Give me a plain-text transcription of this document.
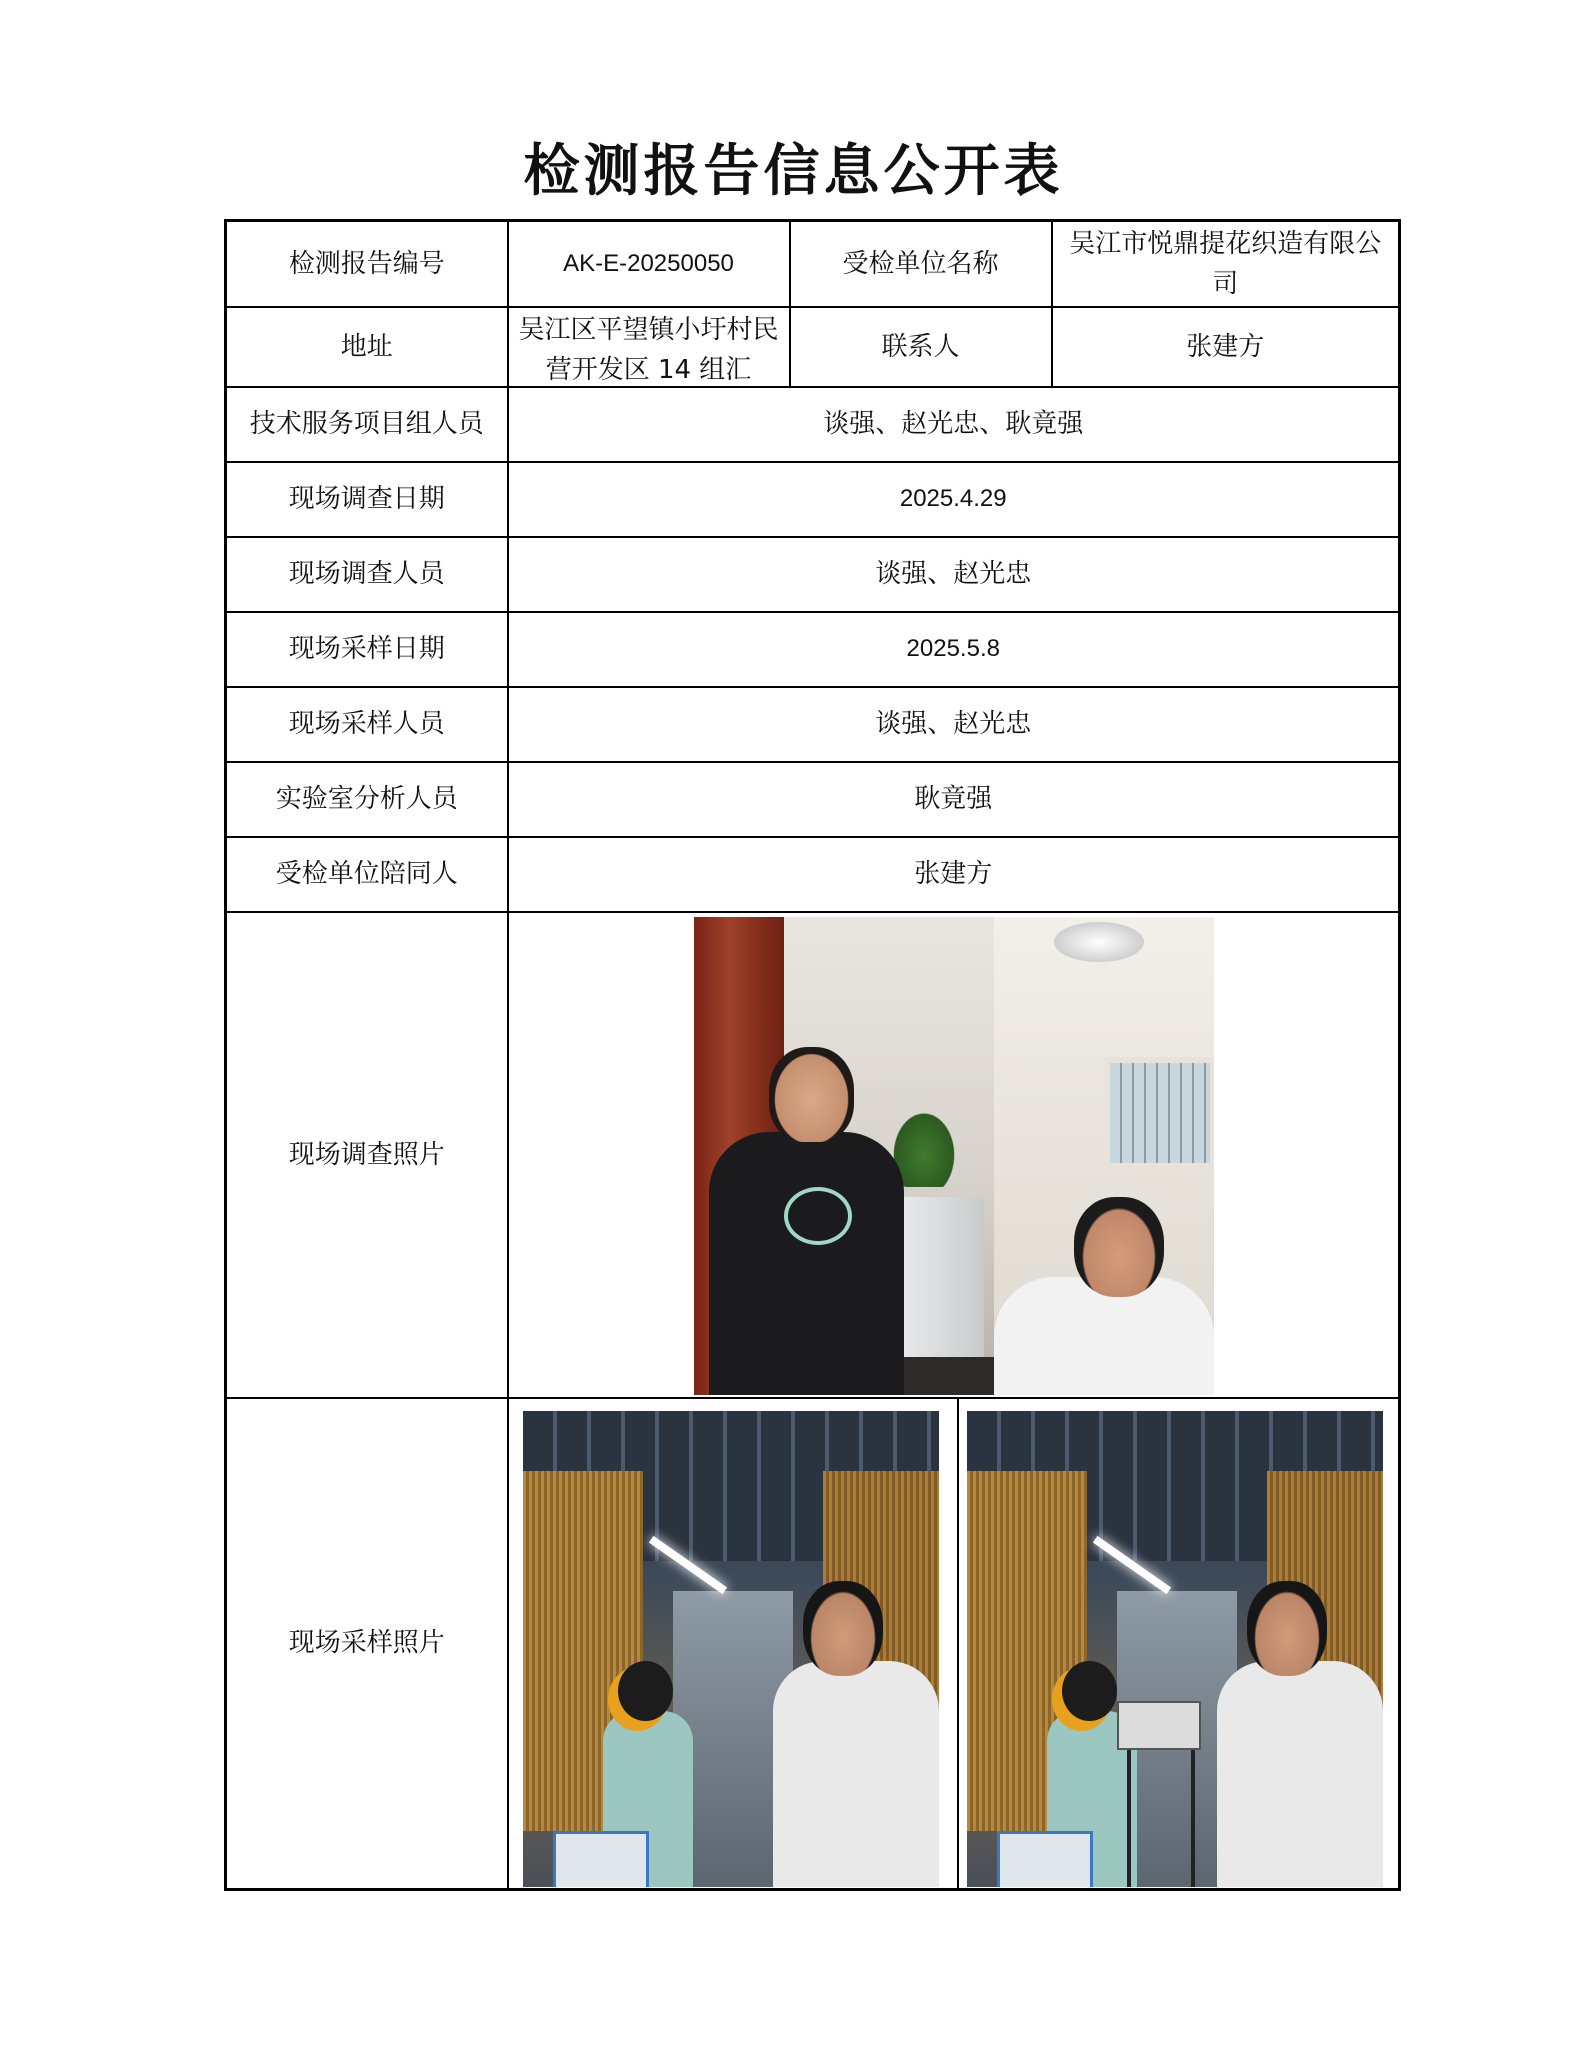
检测报告信息公开表
检测报告编号	AK-E-20250050	受检单位名称	吴江市悦鼎提花织造有限公司
地址	吴江区平望镇小圩村民营开发区 14 组汇	联系人	张建方
技术服务项目组人员	谈强、赵光忠、耿竟强		
现场调查日期	2025.4.29		
现场调查人员	谈强、赵光忠		
现场采样日期	2025.5.8		
现场采样人员	谈强、赵光忠		
实验室分析人员	耿竟强		
受检单位陪同人	张建方		
现场调查照片			

现场采样照片			
